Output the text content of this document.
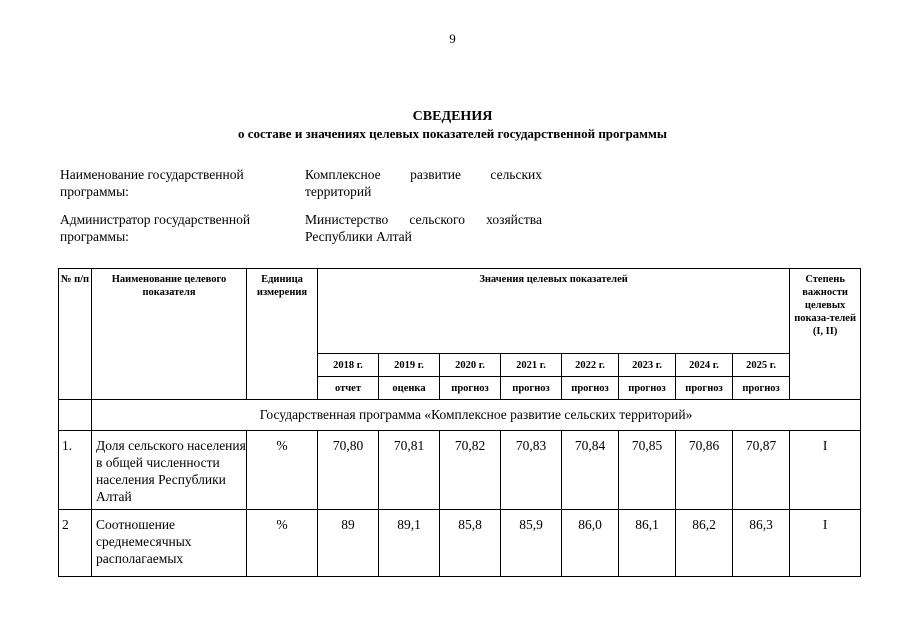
9
СВЕДЕНИЯ
о составе и значениях целевых показателей государственной программы
Наименование государственной программы:
Комплексное развитие сельских
территорий
Администратор государственной программы:
Министерство сельского хозяйства
Республики Алтай
№ п/п	Наименование целевого показателя	Единица измерения	Значения целевых показателей								Степень важности целевых показа-телей (I, II)
			2018 г.	2019 г.	2020 г.	2021 г.	2022 г.	2023 г.	2024 г.	2025 г.	
			отчет	оценка	прогноз	прогноз	прогноз	прогноз	прогноз	прогноз	
	Государственная программа «Комплексное развитие сельских территорий»										
1.	Доля сельского населения в общей численности населения Республики Алтай	%	70,80	70,81	70,82	70,83	70,84	70,85	70,86	70,87	I
2	Соотношение среднемесячных располагаемых	%	89	89,1	85,8	85,9	86,0	86,1	86,2	86,3	I
